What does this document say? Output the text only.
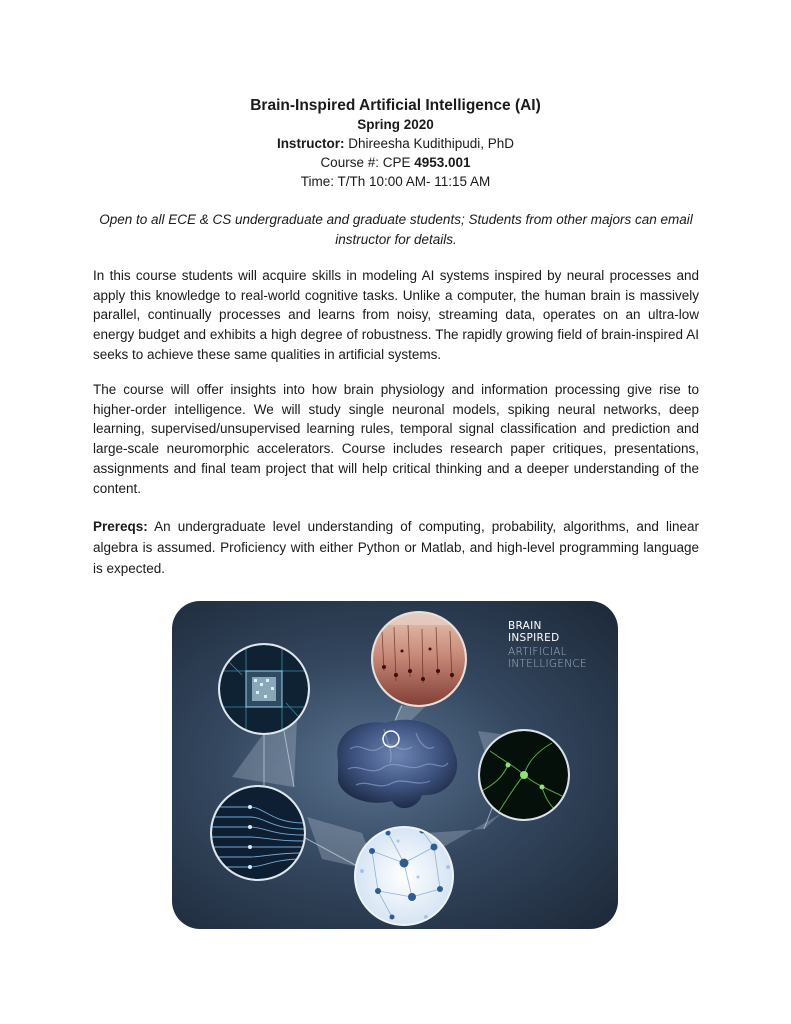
Brain-Inspired Artificial Intelligence (AI)

Spring 2020

Instructor: Dhireesha Kudithipudi, PhD

Course #: CPE 4953.001

Time: T/Th 10:00 AM- 11:15 AM

Open to all ECE & CS undergraduate and graduate students; Students from other majors can email instructor for details.

In this course students will acquire skills in modeling AI systems inspired by neural processes and apply this knowledge to real-world cognitive tasks. Unlike a computer, the human brain is massively parallel, continually processes and learns from noisy, streaming data, operates on an ultra-low energy budget and exhibits a high degree of robustness. The rapidly growing field of brain-inspired AI seeks to achieve these same qualities in artificial systems.

The course will offer insights into how brain physiology and information processing give rise to higher-order intelligence. We will study single neuronal models, spiking neural networks, deep learning, supervised/unsupervised learning rules, temporal signal classification and prediction and large-scale neuromorphic accelerators. Course includes research paper critiques, presentations, assignments and final team project that will help critical thinking and a deeper understanding of the content.

Prereqs: An undergraduate level understanding of computing, probability, algorithms, and linear algebra is assumed. Proficiency with either Python or Matlab, and high-level programming language is expected.

BRAIN

INSPIRED

ARTIFICIAL

INTELLIGENCE
